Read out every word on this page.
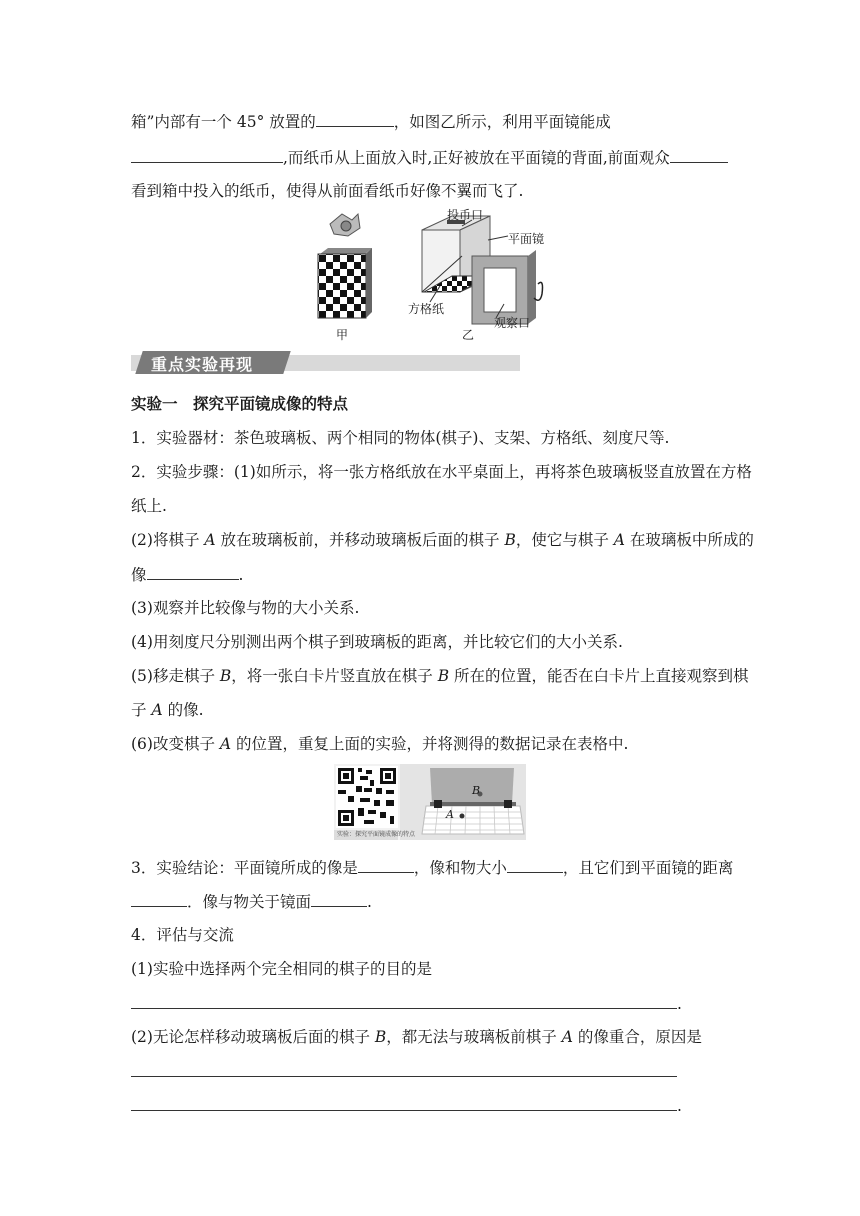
箱”内部有一个 45° 放置的	，如图乙所示，利用平面镜能成
,而纸币从上面放入时,正好被放在平面镜的背面,前面观众
看到箱中投入的纸币，使得从前面看纸币好像不翼而飞了.
投币口
平面镜
方格纸
观察口
甲	乙
重点实验再现
实验一　探究平面镜成像的特点
1．实验器材：茶色玻璃板、两个相同的物体(棋子)、支架、方格纸、刻度尺等.
2．实验步骤：(1)如所示，将一张方格纸放在水平桌面上，再将茶色玻璃板竖直放置在方格
纸上.
(2)将棋子 A 放在玻璃板前，并移动玻璃板后面的棋子 B，使它与棋子 A 在玻璃板中所成的
像	.
(3)观察并比较像与物的大小关系.
(4)用刻度尺分别测出两个棋子到玻璃板的距离，并比较它们的大小关系.
(5)移走棋子 B，将一张白卡片竖直放在棋子 B 所在的位置，能否在白卡片上直接观察到棋
子 A 的像.
(6)改变棋子 A 的位置，重复上面的实验，并将测得的数据记录在表格中.
实验：探究平面镜成像的特点
B
A
3．实验结论：平面镜所成的像是	，像和物大小	，且它们到平面镜的距离
．像与物关于镜面	.
4．评估与交流
(1)实验中选择两个完全相同的棋子的目的是
.
(2)无论怎样移动玻璃板后面的棋子 B，都无法与玻璃板前棋子 A 的像重合，原因是
.
